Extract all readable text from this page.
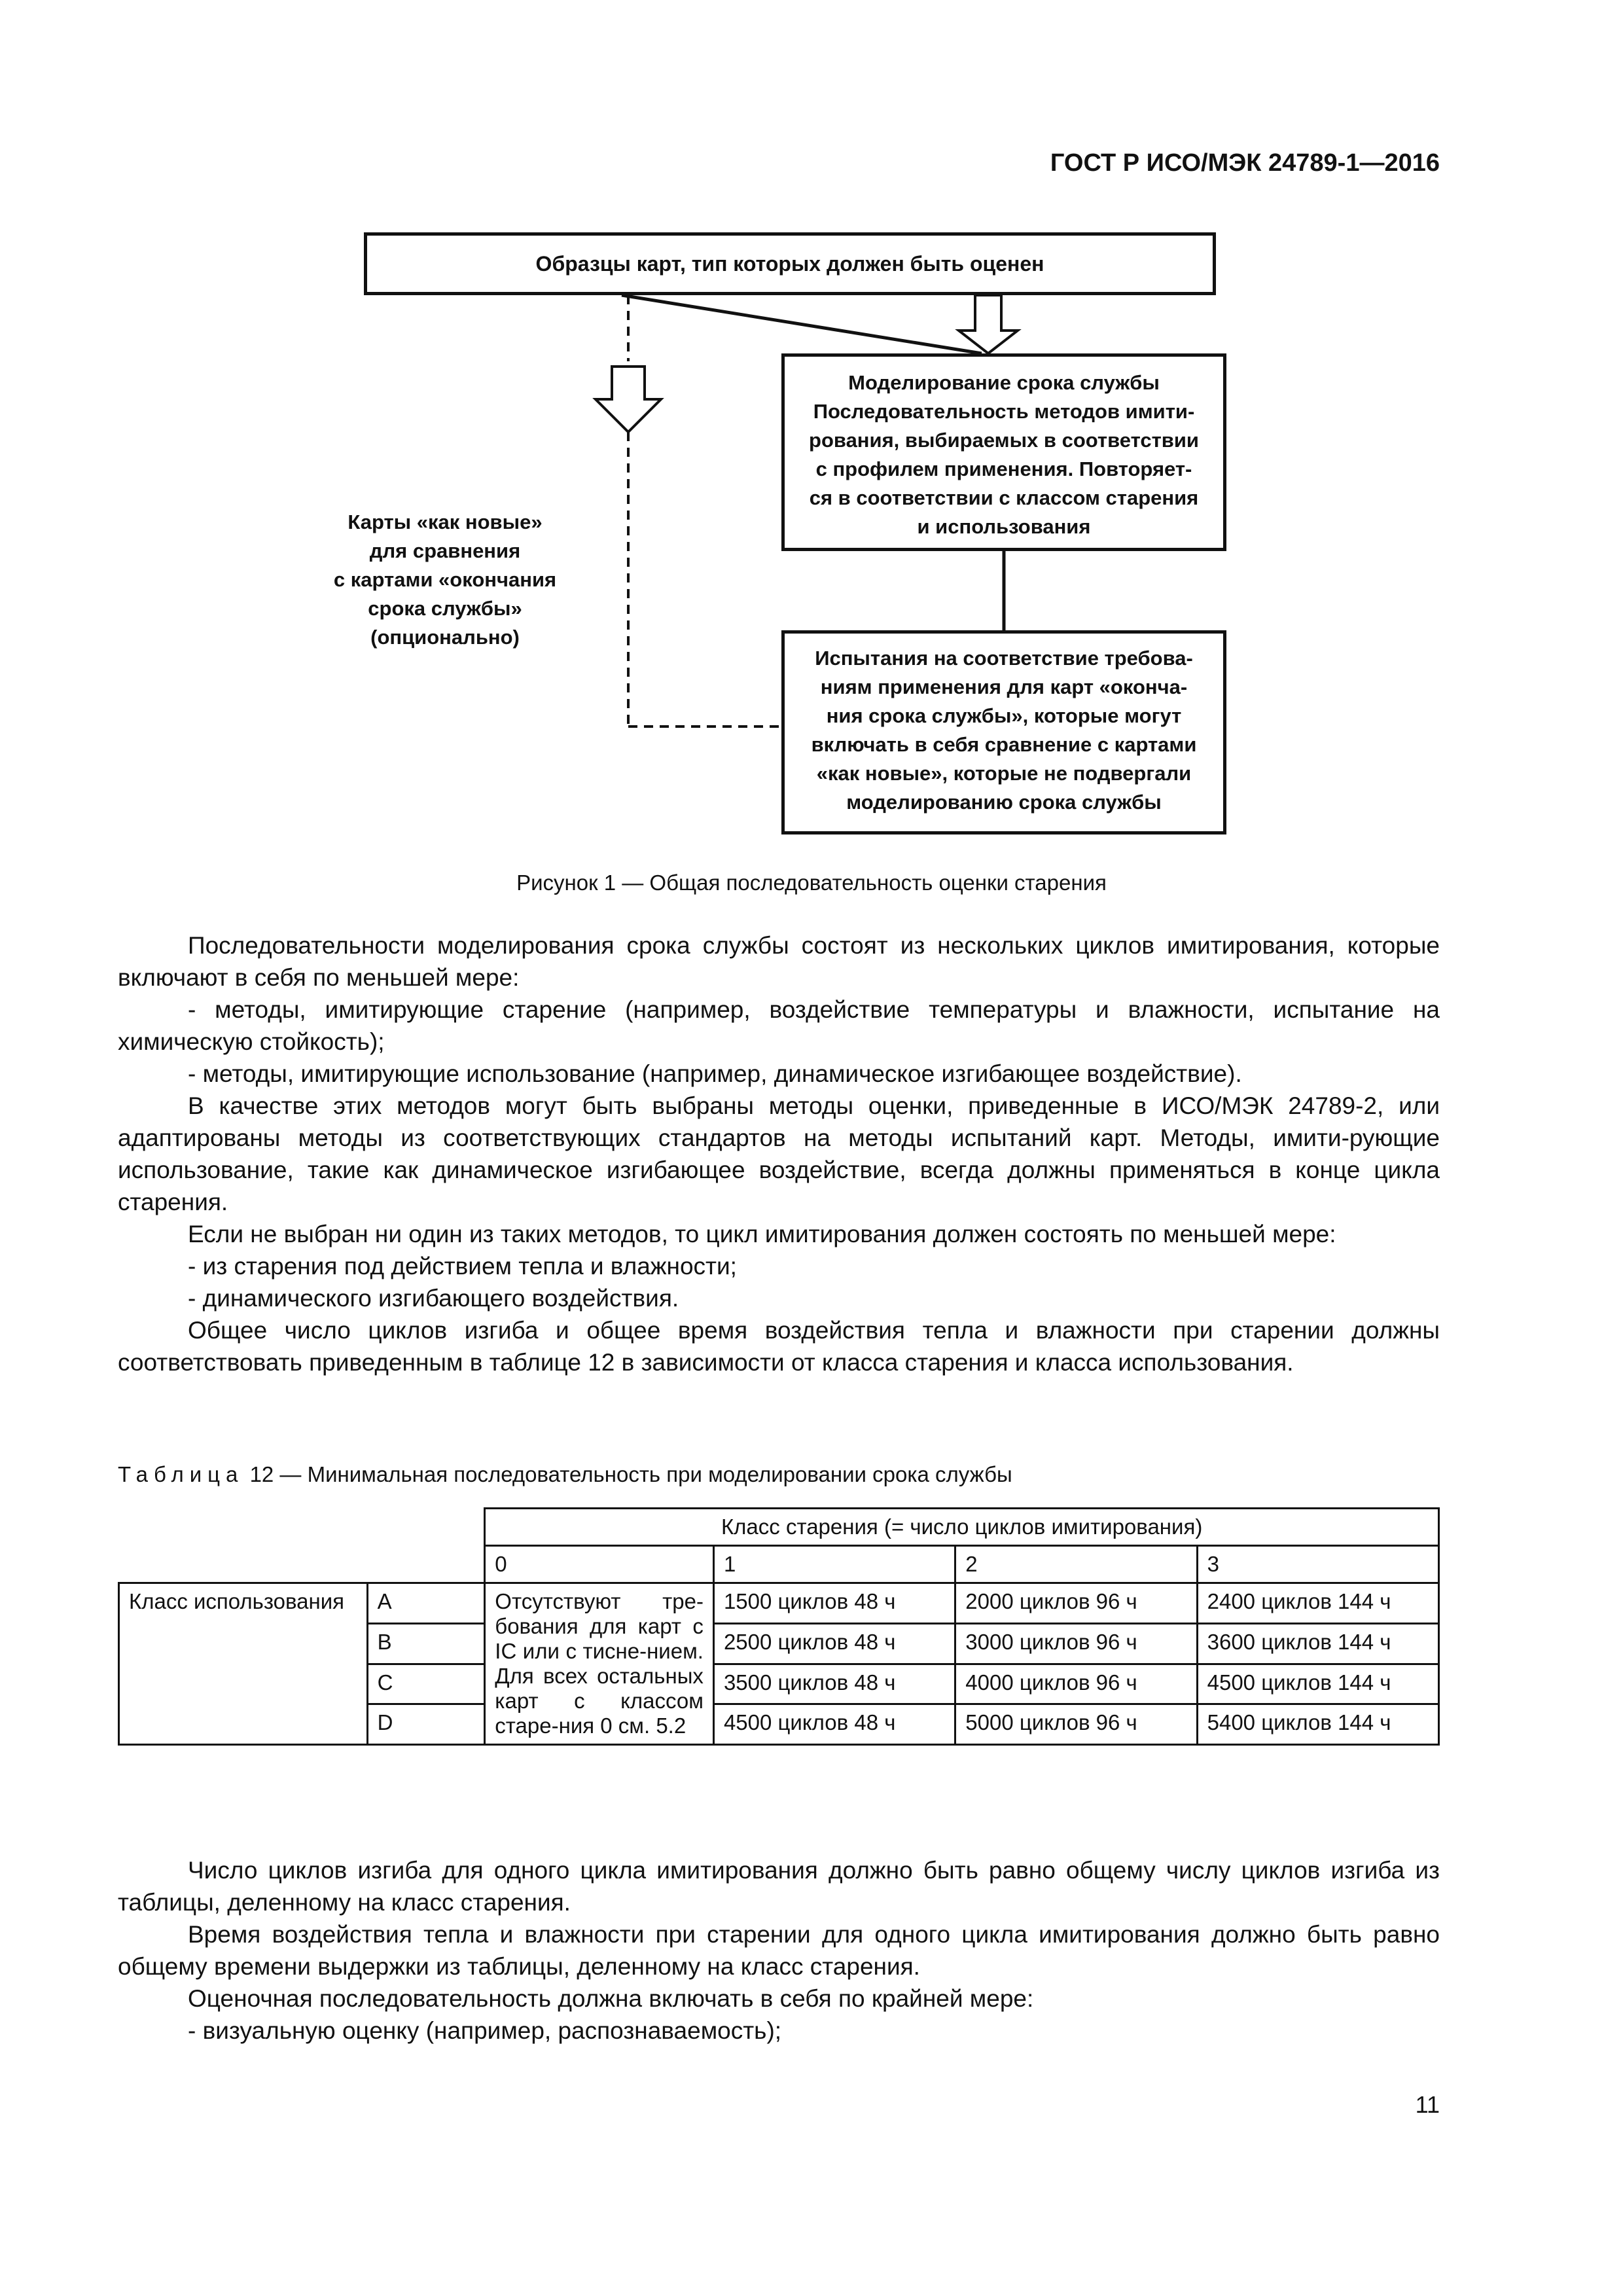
ГОСТ Р ИСО/МЭК 24789-1—2016
Образцы карт, тип которых должен быть оценен
Моделирование срока службы
Последовательность методов имити-
рования, выбираемых в соответствии
с профилем применения. Повторяет-
ся в соответствии с классом старения
и использования
Испытания на соответствие требова-
ниям применения для карт «оконча-
ния срока службы», которые могут
включать в себя сравнение с картами
«как новые», которые не подвергали
моделированию срока службы
Карты «как новые»
для сравнения
с картами «окончания
срока службы»
(опционально)
Рисунок 1 — Общая последовательность оценки старения

Последовательности моделирования срока службы состоят из нескольких циклов имитирования, которые включают в себя по меньшей мере:

- методы, имитирующие старение (например, воздействие температуры и влажности, испытание на химическую стойкость);

- методы, имитирующие использование (например, динамическое изгибающее воздействие).

В качестве этих методов могут быть выбраны методы оценки, приведенные в ИСО/МЭК 24789-2, или адаптированы методы из соответствующих стандартов на методы испытаний карт. Методы, имити-рующие использование, такие как динамическое изгибающее воздействие, всегда должны применяться в конце цикла старения.

Если не выбран ни один из таких методов, то цикл имитирования должен состоять по меньшей мере:

- из старения под действием тепла и влажности;

- динамического изгибающего воздействия.

Общее число циклов изгиба и общее время воздействия тепла и влажности при старении должны соответствовать приведенным в таблице 12 в зависимости от класса старения и класса использования.

Таблица 12 — Минимальная последовательность при моделировании срока службы
		Класс старения (= число циклов имитирования)			
		0	1	2	3
Класс использования	A	Отсутствуют тре-бования для карт с IC или с тисне-нием. Для всех остальных карт с классом старе-ния 0 см. 5.2	1500 циклов 48 ч	2000 циклов 96 ч	2400 циклов 144 ч
	B		2500 циклов 48 ч	3000 циклов 96 ч	3600 циклов 144 ч
	C		3500 циклов 48 ч	4000 циклов 96 ч	4500 циклов 144 ч
	D		4500 циклов 48 ч	5000 циклов 96 ч	5400 циклов 144 ч

Число циклов изгиба для одного цикла имитирования должно быть равно общему числу циклов изгиба из таблицы, деленному на класс старения.

Время воздействия тепла и влажности при старении для одного цикла имитирования должно быть равно общему времени выдержки из таблицы, деленному на класс старения.

Оценочная последовательность должна включать в себя по крайней мере:

- визуальную оценку (например, распознаваемость);

11
